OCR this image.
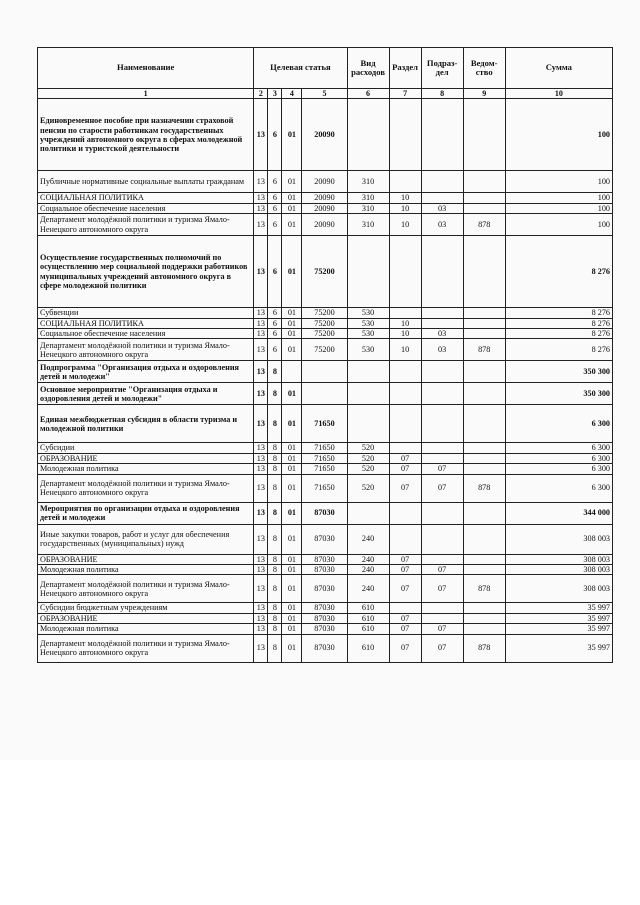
Наименование	Целевая статья				Вид расходов	Раздел	Подраз-дел	Ведом-ство	Сумма
1	2	3	4	5	6	7	8	9	10
Единовременное пособие при назначении страховой пенсии по старости работникам государственных учреждений автономного округа в сферах молодежной политики и туристской деятельности	13	6	01	20090					100
Публичные нормативные социальные выплаты гражданам	13	6	01	20090	310				100
СОЦИАЛЬНАЯ ПОЛИТИКА	13	6	01	20090	310	10			100
Социальное обеспечение населения	13	6	01	20090	310	10	03		100
Департамент молодёжной политики и туризма Ямало-Ненецкого автономного округа	13	6	01	20090	310	10	03	878	100
Осуществление государственных полномочий по осуществлению мер социальной поддержки работников муниципальных учреждений автономного округа в сфере молодежной политики	13	6	01	75200					8 276
Субвенции	13	6	01	75200	530				8 276
СОЦИАЛЬНАЯ ПОЛИТИКА	13	6	01	75200	530	10			8 276
Социальное обеспечение населения	13	6	01	75200	530	10	03		8 276
Департамент молодёжной политики и туризма Ямало-Ненецкого автономного округа	13	6	01	75200	530	10	03	878	8 276
Подпрограмма "Организация отдыха и оздоровления детей и молодежи"	13	8							350 300
Основное мероприятие "Организация отдыха и оздоровления детей и молодежи"	13	8	01						350 300
Единая межбюджетная субсидия в области туризма и молодежной политики	13	8	01	71650					6 300
Субсидии	13	8	01	71650	520				6 300
ОБРАЗОВАНИЕ	13	8	01	71650	520	07			6 300
Молодежная политика	13	8	01	71650	520	07	07		6 300
Департамент молодёжной политики и туризма Ямало-Ненецкого автономного округа	13	8	01	71650	520	07	07	878	6 300
Мероприятия по организации отдыха и оздоровления детей и молодежи	13	8	01	87030					344 000
Иные закупки товаров, работ и услуг для обеспечения государственных (муниципальных) нужд	13	8	01	87030	240				308 003
ОБРАЗОВАНИЕ	13	8	01	87030	240	07			308 003
Молодежная политика	13	8	01	87030	240	07	07		308 003
Департамент молодёжной политики и туризма Ямало-Ненецкого автономного округа	13	8	01	87030	240	07	07	878	308 003
Субсидии бюджетным учреждениям	13	8	01	87030	610				35 997
ОБРАЗОВАНИЕ	13	8	01	87030	610	07			35 997
Молодежная политика	13	8	01	87030	610	07	07		35 997
Департамент молодёжной политики и туризма Ямало-Ненецкого автономного округа	13	8	01	87030	610	07	07	878	35 997
